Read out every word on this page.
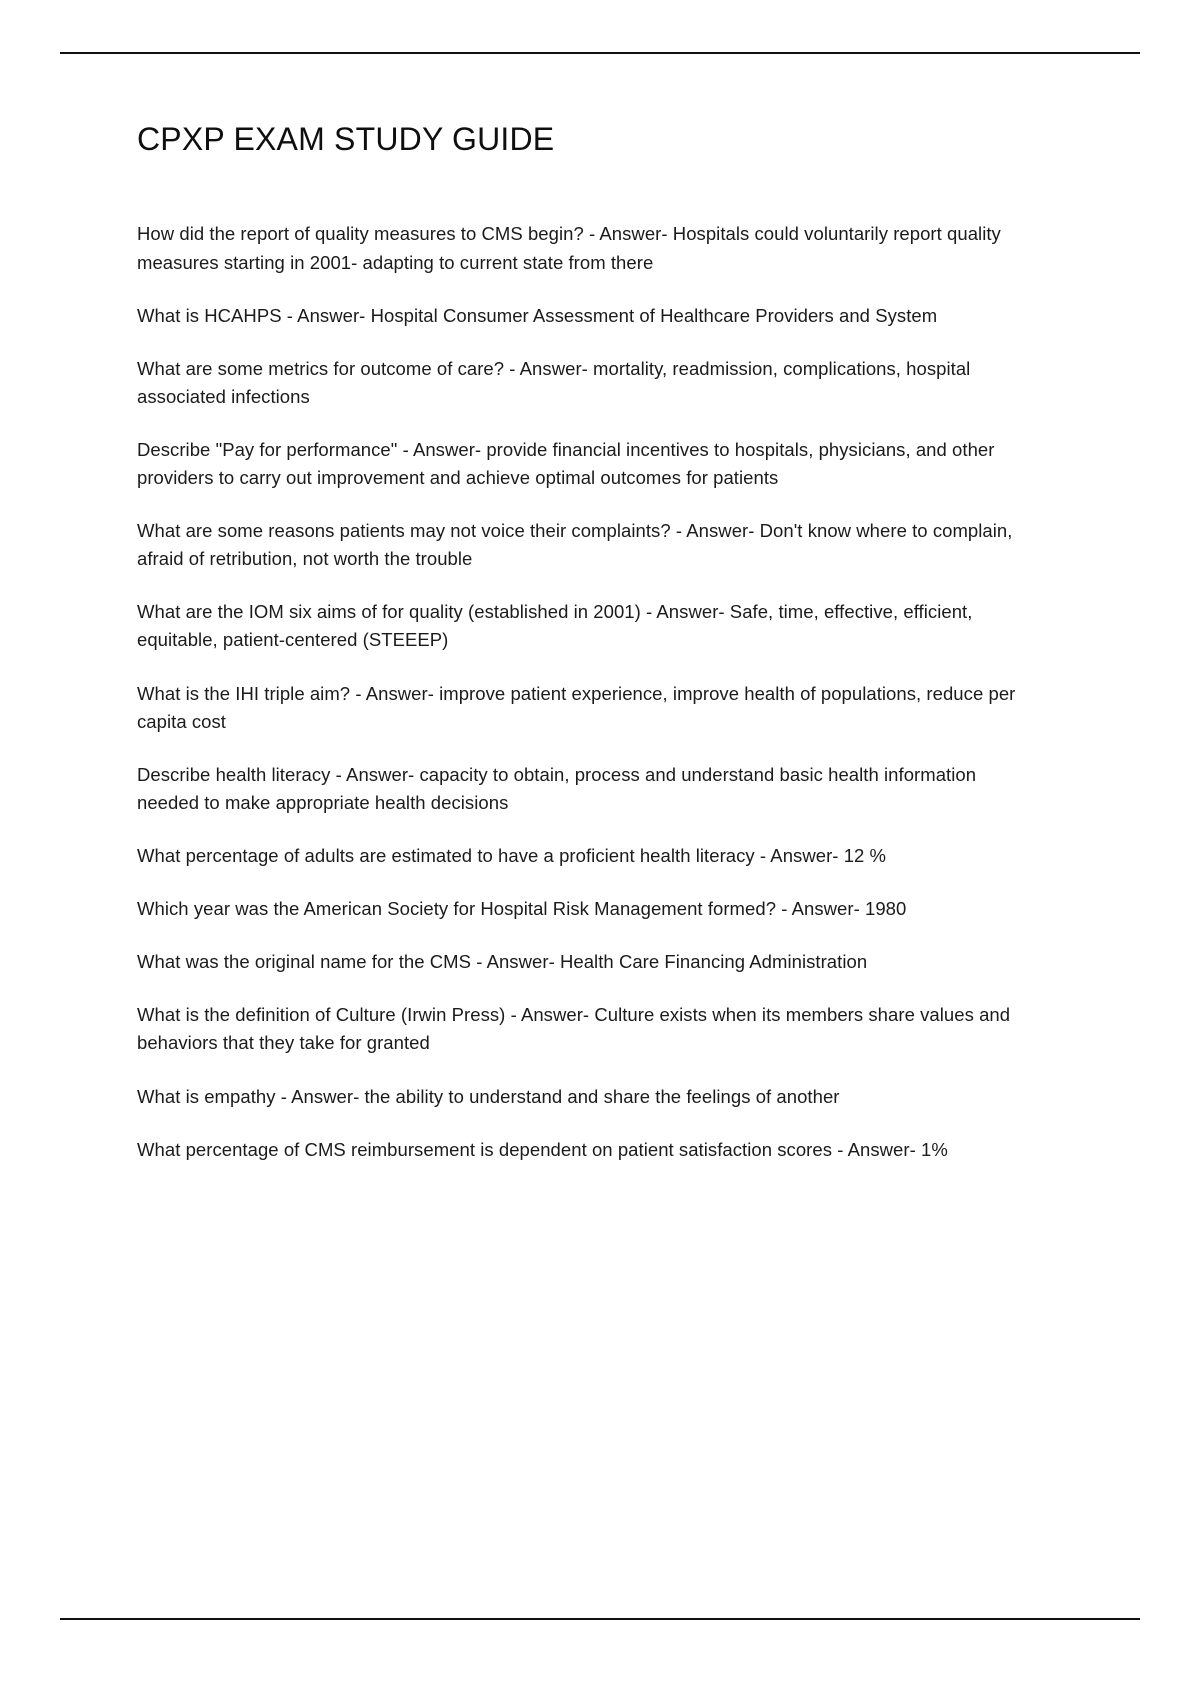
CPXP EXAM STUDY GUIDE

How did the report of quality measures to CMS begin? - Answer- Hospitals could voluntarily report quality measures starting in 2001- adapting to current state from there

What is HCAHPS - Answer- Hospital Consumer Assessment of Healthcare Providers and System

What are some metrics for outcome of care? - Answer- mortality, readmission, complications, hospital associated infections

Describe "Pay for performance" - Answer- provide financial incentives to hospitals, physicians, and other providers to carry out improvement and achieve optimal outcomes for patients

What are some reasons patients may not voice their complaints? - Answer- Don't know where to complain, afraid of retribution, not worth the trouble

What are the IOM six aims of for quality (established in 2001) - Answer- Safe, time, effective, efficient, equitable, patient-centered (STEEEP)

What is the IHI triple aim? - Answer- improve patient experience, improve health of populations, reduce per capita cost

Describe health literacy - Answer- capacity to obtain, process and understand basic health information needed to make appropriate health decisions

What percentage of adults are estimated to have a proficient health literacy - Answer- 12 %

Which year was the American Society for Hospital Risk Management formed? - Answer- 1980

What was the original name for the CMS - Answer- Health Care Financing Administration

What is the definition of Culture (Irwin Press) - Answer- Culture exists when its members share values and behaviors that they take for granted

What is empathy - Answer- the ability to understand and share the feelings of another

What percentage of CMS reimbursement is dependent on patient satisfaction scores - Answer- 1%
